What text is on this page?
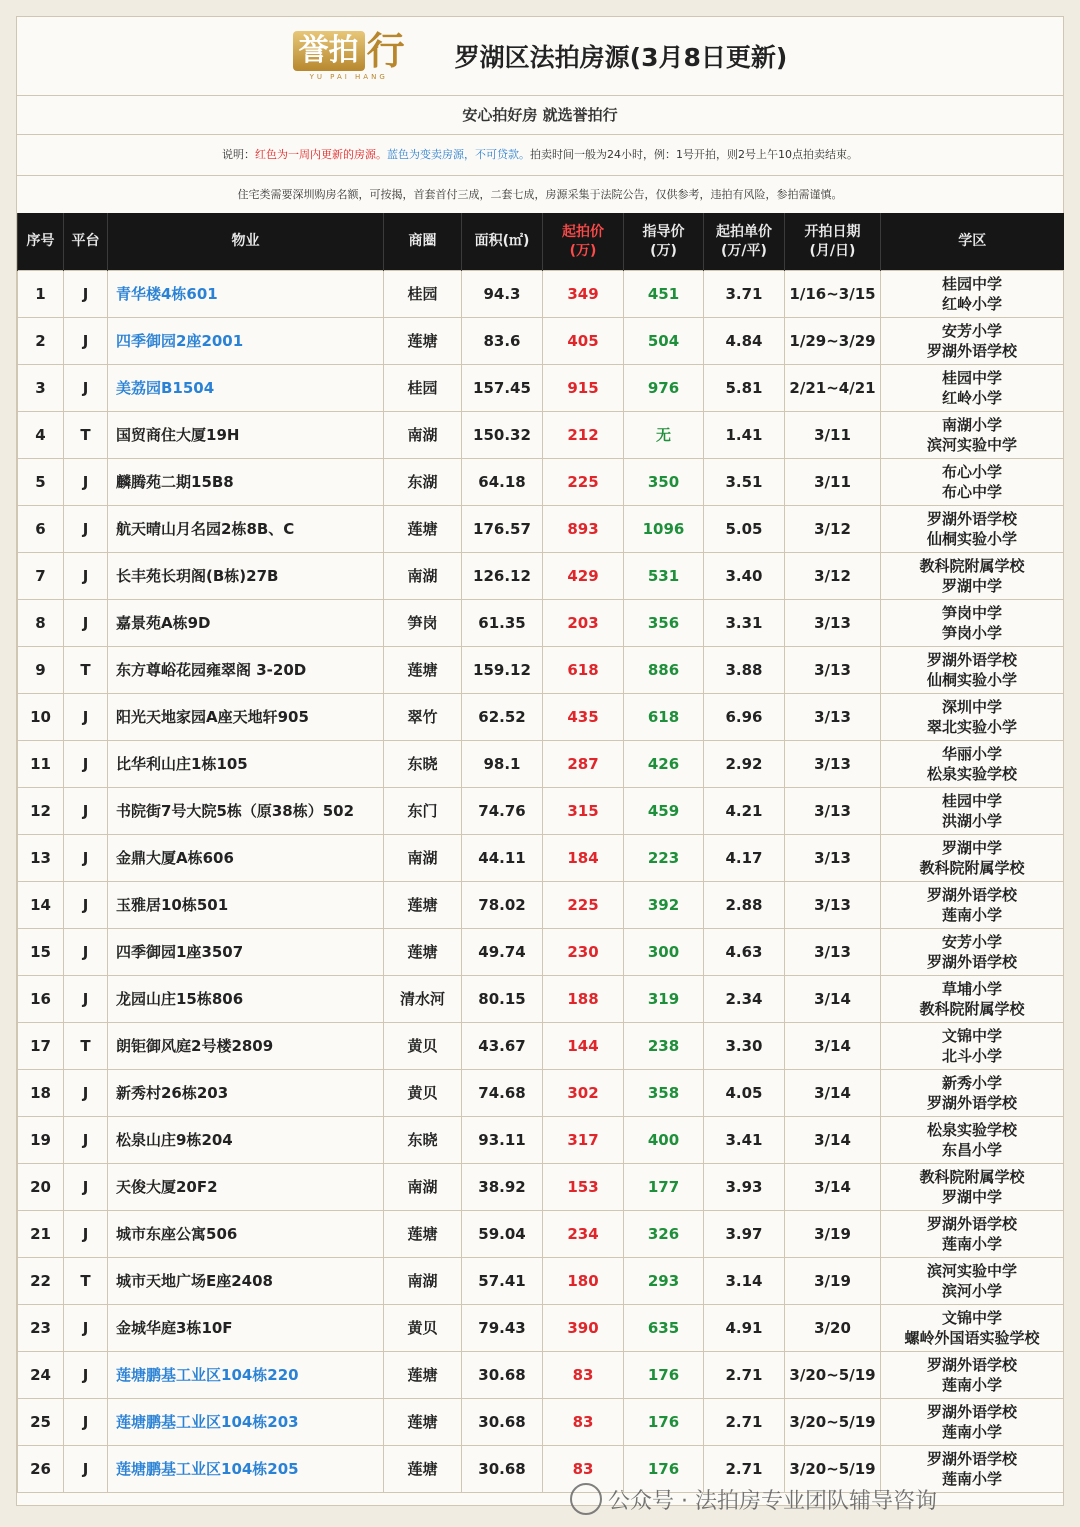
誉拍 行
YU PAI HANG
罗湖区法拍房源(3月8日更新)
安心拍好房 就选誉拍行
说明：红色为一周内更新的房源。蓝色为变卖房源，不可贷款。拍卖时间一般为24小时，例：1号开拍，则2号上午10点拍卖结束。
住宅类需要深圳购房名额，可按揭，首套首付三成，二套七成，房源采集于法院公告，仅供参考，违拍有风险，参拍需谨慎。
序号	平台	物业	商圈	面积(㎡)	起拍价
(万)	指导价
(万)	起拍单价
(万/平)	开拍日期
(月/日)	学区
1	J	青华楼4栋601	桂园	94.3	349	451	3.71	1/16~3/15	桂园中学
红岭小学

2	J	四季御园2座2001	莲塘	83.6	405	504	4.84	1/29~3/29	安芳小学
罗湖外语学校

3	J	美荔园B1504	桂园	157.45	915	976	5.81	2/21~4/21	桂园中学
红岭小学

4	T	国贸商住大厦19H	南湖	150.32	212	无	1.41	3/11	南湖小学
滨河实验中学

5	J	麟腾苑二期15B8	东湖	64.18	225	350	3.51	3/11	布心小学
布心中学

6	J	航天晴山月名园2栋8B、C	莲塘	176.57	893	1096	5.05	3/12	罗湖外语学校
仙桐实验小学

7	J	长丰苑长玥阁(B栋)27B	南湖	126.12	429	531	3.40	3/12	教科院附属学校
罗湖中学

8	J	嘉景苑A栋9D	笋岗	61.35	203	356	3.31	3/13	笋岗中学
笋岗小学

9	T	东方尊峪花园雍翠阁 3-20D	莲塘	159.12	618	886	3.88	3/13	罗湖外语学校
仙桐实验小学

10	J	阳光天地家园A座天地轩905	翠竹	62.52	435	618	6.96	3/13	深圳中学
翠北实验小学

11	J	比华利山庄1栋105	东晓	98.1	287	426	2.92	3/13	华丽小学
松泉实验学校

12	J	书院街7号大院5栋（原38栋）502	东门	74.76	315	459	4.21	3/13	桂园中学
洪湖小学

13	J	金鼎大厦A栋606	南湖	44.11	184	223	4.17	3/13	罗湖中学
教科院附属学校

14	J	玉雅居10栋501	莲塘	78.02	225	392	2.88	3/13	罗湖外语学校
莲南小学

15	J	四季御园1座3507	莲塘	49.74	230	300	4.63	3/13	安芳小学
罗湖外语学校

16	J	龙园山庄15栋806	清水河	80.15	188	319	2.34	3/14	草埔小学
教科院附属学校

17	T	朗钜御风庭2号楼2809	黄贝	43.67	144	238	3.30	3/14	文锦中学
北斗小学

18	J	新秀村26栋203	黄贝	74.68	302	358	4.05	3/14	新秀小学
罗湖外语学校

19	J	松泉山庄9栋204	东晓	93.11	317	400	3.41	3/14	松泉实验学校
东昌小学

20	J	天俊大厦20F2	南湖	38.92	153	177	3.93	3/14	教科院附属学校
罗湖中学

21	J	城市东座公寓506	莲塘	59.04	234	326	3.97	3/19	罗湖外语学校
莲南小学

22	T	城市天地广场E座2408	南湖	57.41	180	293	3.14	3/19	滨河实验中学
滨河小学

23	J	金城华庭3栋10F	黄贝	79.43	390	635	4.91	3/20	文锦中学
螺岭外国语实验学校

24	J	莲塘鹏基工业区104栋220	莲塘	30.68	83	176	2.71	3/20~5/19	罗湖外语学校
莲南小学

25	J	莲塘鹏基工业区104栋203	莲塘	30.68	83	176	2.71	3/20~5/19	罗湖外语学校
莲南小学

26	J	莲塘鹏基工业区104栋205	莲塘	30.68	83	176	2.71	3/20~5/19	罗湖外语学校
莲南小学
公众号 · 法拍房专业团队辅导咨询
